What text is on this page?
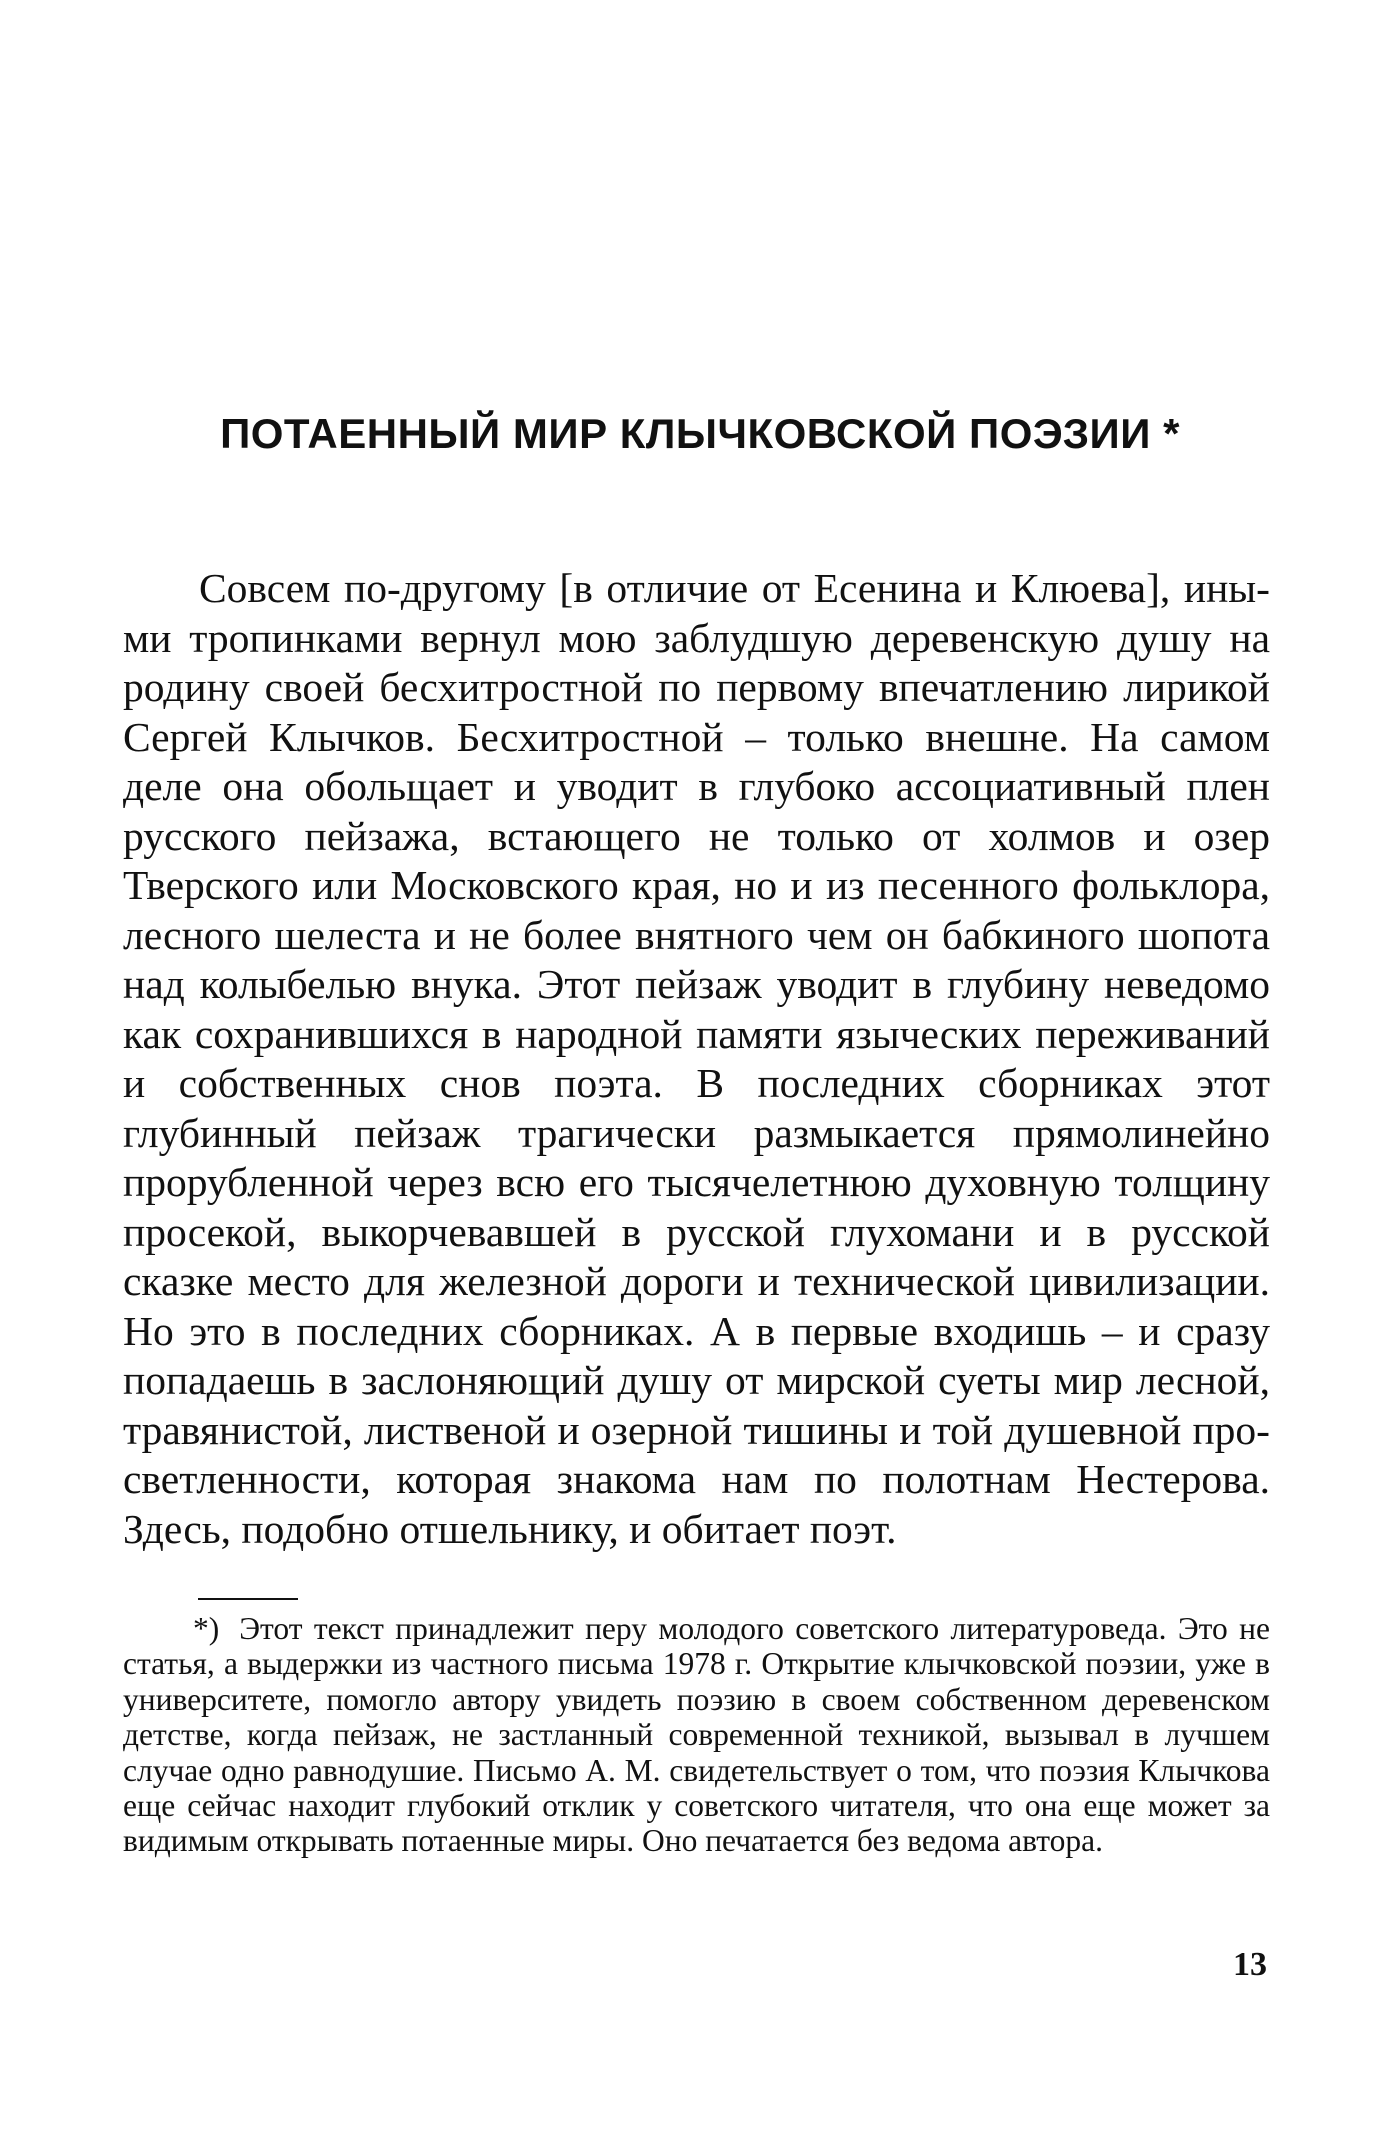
ПОТАЕННЫЙ МИР КЛЫЧКОВСКОЙ ПОЭЗИИ *

Совсем по-другому [в отличие от Есенина и Клюева], иными тропинками вернул мою заблудшую деревенскую душу на родину своей бесхитростной по первому впечатлению лирикой Сергей Клычков. Бесхитростной – только внешне. На самом деле она обольщает и уводит в глубоко ассоциативный плен русского пейзажа, встающего не только от холмов и озер Тверского или Московского края, но и из песенного фольклора, лесного шелеста и не более внятного чем он бабкиного шопота над колыбелью внука. Этот пейзаж уводит в глубину неведомо как сохранившихся в народной памяти языческих переживаний и собственных снов поэта. В последних сборниках этот глубинный пейзаж трагически размыкается прямолинейно прорубленной через всю его тысячелетнюю духовную толщину просекой, выкорчевавшей в русской глухомани и в русской сказке место для железной дороги и технической цивилизации. Но это в последних сборниках. А в первые входишь – и сразу попадаешь в заслоняющий душу от мирской суеты мир лесной, травянистой, лиственой и озерной тишины и той душевной просветленности, которая знакома нам по полотнам Нестерова. Здесь, подобно отшельнику, и обитает поэт.

*) Этот текст принадлежит перу молодого советского литературоведа. Это не статья, а выдержки из частного письма 1978 г. Открытие клычковской поэзии, уже в университете, помогло автору увидеть поэзию в своем собственном деревенском детстве, когда пейзаж, не застланный современной техникой, вызывал в лучшем случае одно равнодушие. Письмо А. М. свидетельствует о том, что поэзия Клычкова еще сейчас находит глубокий отклик у советского читателя, что она еще может за видимым открывать потаенные миры. Оно печатается без ведома автора.

13
